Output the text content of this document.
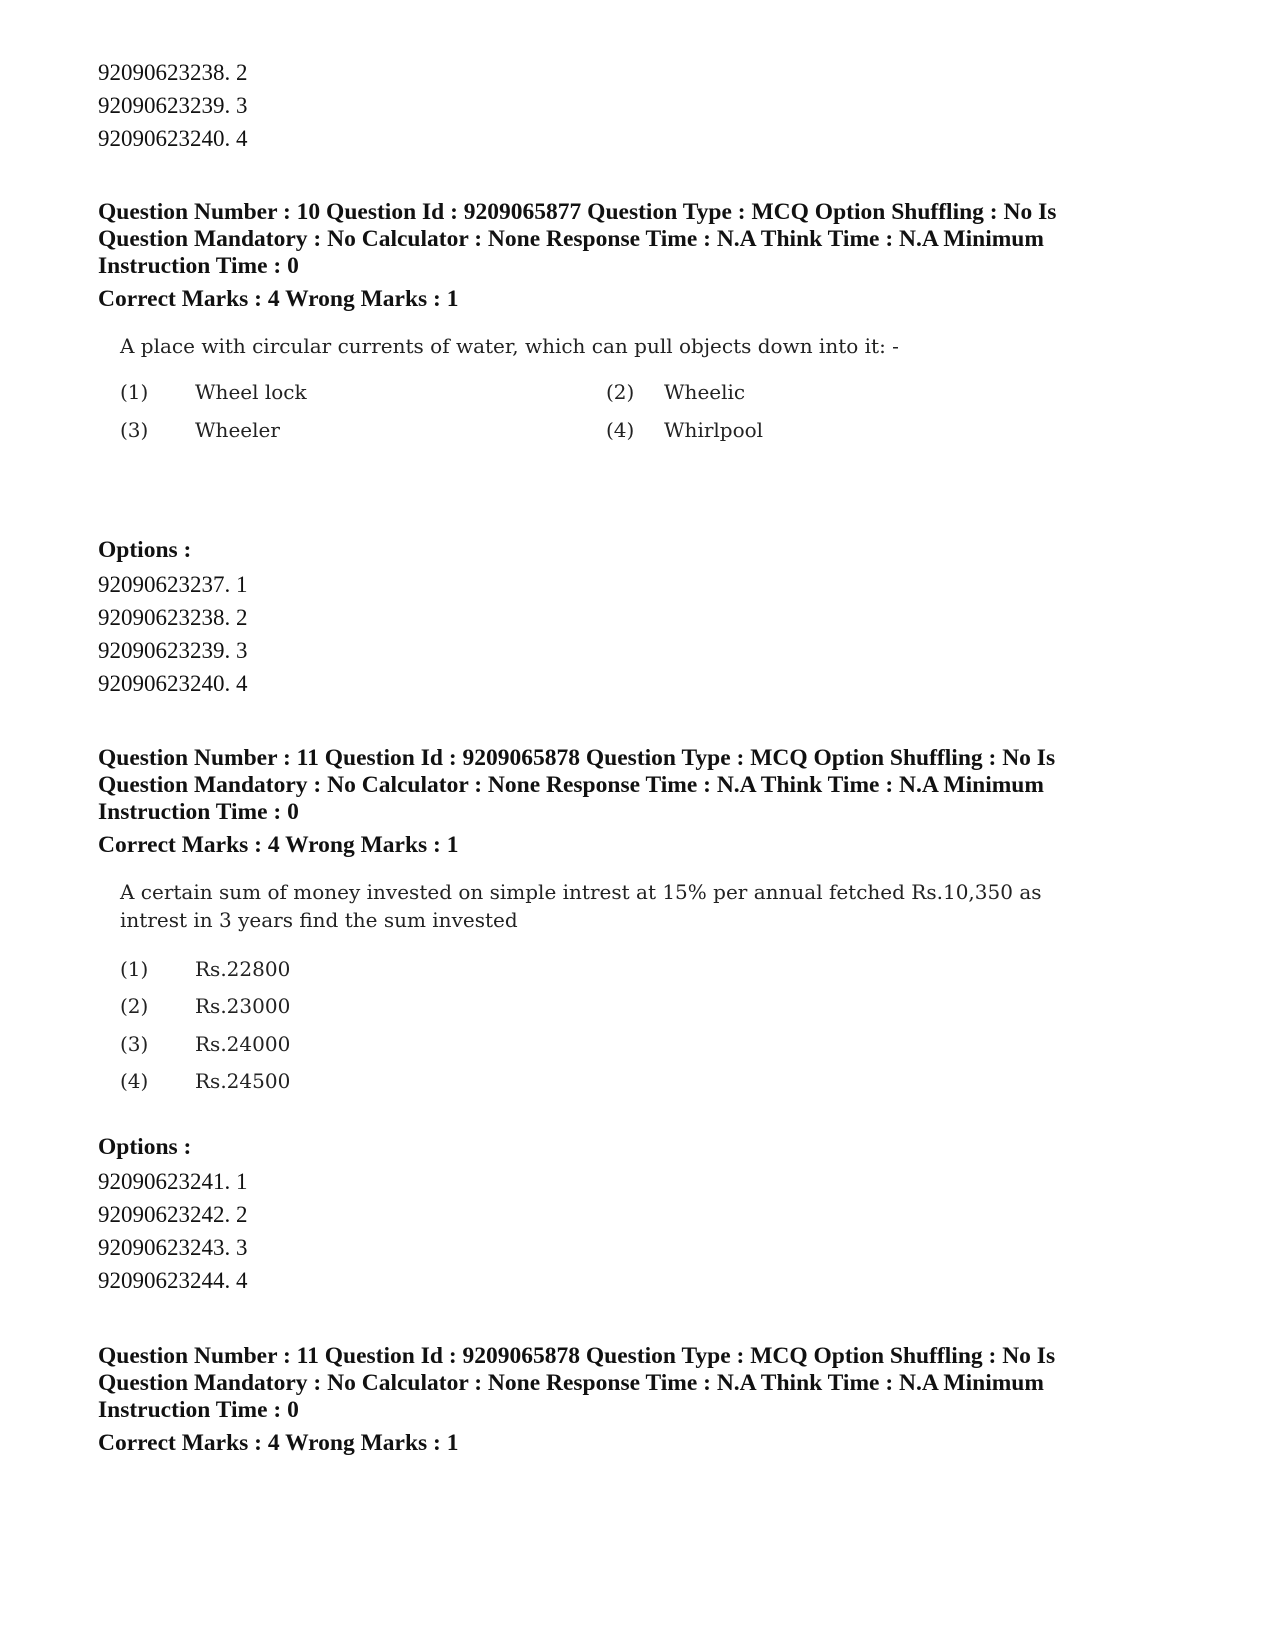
92090623238. 2
92090623239. 3
92090623240. 4
Question Number : 10 Question Id : 9209065877 Question Type : MCQ Option Shuffling : No Is
Question Mandatory : No Calculator : None Response Time : N.A Think Time : N.A Minimum
Instruction Time : 0
Correct Marks : 4 Wrong Marks : 1
A place with circular currents of water, which can pull objects down into it: -
(1) Wheel lock	(2) Wheelic
(3) Wheeler	(4) Whirlpool
Options :
92090623237. 1
92090623238. 2
92090623239. 3
92090623240. 4
Question Number : 11 Question Id : 9209065878 Question Type : MCQ Option Shuffling : No Is
Question Mandatory : No Calculator : None Response Time : N.A Think Time : N.A Minimum
Instruction Time : 0
Correct Marks : 4 Wrong Marks : 1
A certain sum of money invested on simple intrest at 15% per annual fetched Rs.10,350 as
intrest in 3 years find the sum invested
(1) Rs.22800
(2) Rs.23000
(3) Rs.24000
(4) Rs.24500
Options :
92090623241. 1
92090623242. 2
92090623243. 3
92090623244. 4
Question Number : 11 Question Id : 9209065878 Question Type : MCQ Option Shuffling : No Is
Question Mandatory : No Calculator : None Response Time : N.A Think Time : N.A Minimum
Instruction Time : 0
Correct Marks : 4 Wrong Marks : 1
